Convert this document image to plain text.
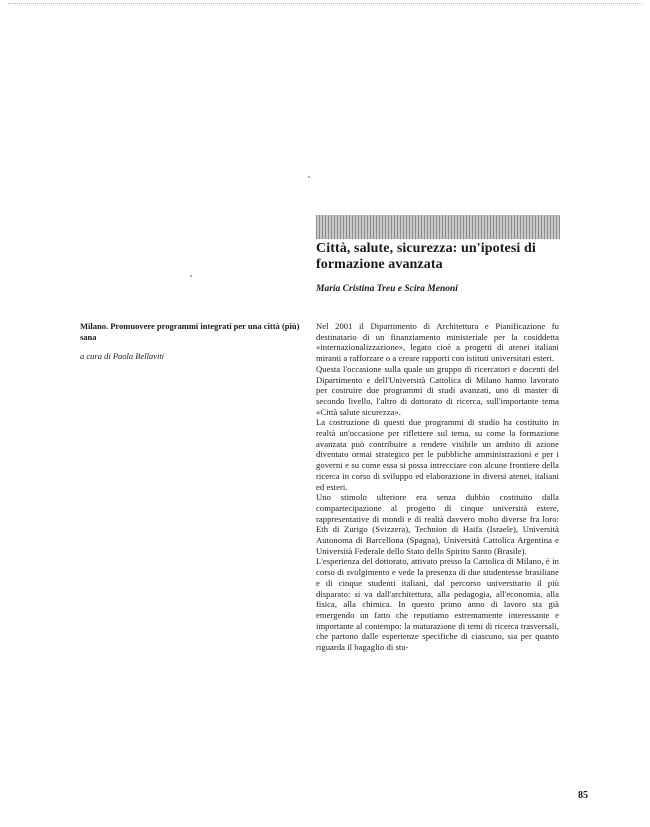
Città, salute, sicurezza: un'ipotesi di formazione avanzata

Maria Cristina Treu e Scira Menoni

Milano. Promuovere programmi integrati per una città (più) sana

a cura di Paola Bellaviti

Nel 2001 il Dipartimento di Architettura e Pianificazione fu destinatario di un finanziamento ministeriale per la cosiddetta «internazionalizzazione», legato cioè a progetti di atenei italiani miranti a rafforzare o a creare rapporti con istituti universitari esteri.

Questa l'occasione sulla quale un gruppo di ricercatori e docenti del Dipartimento e dell'Università Cattolica di Milano hanno lavorato per costruire due programmi di studi avanzati, uno di master di secondo livello, l'altro di dottorato di ricerca, sull'importante tema «Città salute sicurezza».

La costruzione di questi due programmi di studio ha costituito in realtà un'occasione per riflettere sul tema, su come la formazione avanzata può contribuire a rendere visibile un ambito di azione diventato ormai strategico per le pubbliche amministrazioni e per i governi e su come essa si possa intrecciare con alcune frontiere della ricerca in corso di sviluppo ed elaborazione in diversi atenei, italiani ed esteri.

Uno stimolo ulteriore era senza dubbio costituito dalla compartecipazione al progetto di cinque università estere, rappresentative di mondi e di realtà davvero molto diverse fra loro: Eth di Zurigo (Svizzera), Technion di Haifa (Israele), Università Autonoma di Barcellona (Spagna), Università Cattolica Argentina e Università Federale dello Stato dello Spirito Santo (Brasile).

L'esperienza del dottorato, attivato presso la Cattolica di Milano, è in corso di svolgimento e vede la presenza di due studentesse brasiliane e di cinque studenti italiani, dal percorso universitario il più disparato: si va dall'architettura, alla pedagogia, all'economia, alla fisica, alla chimica. In questo primo anno di lavoro sta già emergendo un fatto che reputiamo estremamente interessante e importante al contempo: la maturazione di temi di ricerca trasversali, che partono dalle esperienze specifiche di ciascuno, sia per quanto riguarda il bagaglio di stu-

85
